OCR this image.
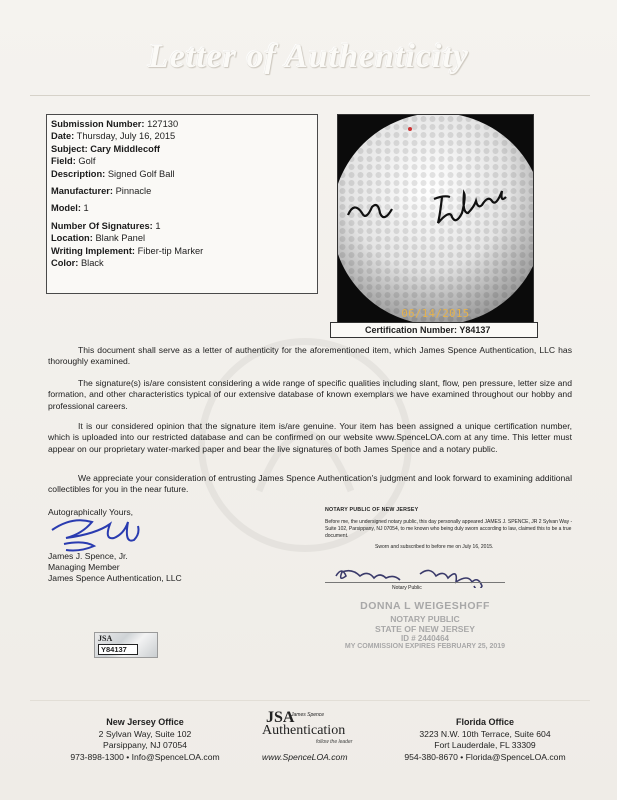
Letter of Authenticity
Submission Number: 127130
Date: Thursday, July 16, 2015
Subject: Cary Middlecoff
Field: Golf
Description: Signed Golf Ball
Manufacturer: Pinnacle
Model: 1
Number Of Signatures: 1
Location: Blank Panel
Writing Implement: Fiber-tip Marker
Color: Black
06/14/2015
Certification Number: Y84137
This document shall serve as a letter of authenticity for the aforementioned item, which James Spence Authentication, LLC has thoroughly examined.
The signature(s) is/are consistent considering a wide range of specific qualities including slant, flow, pen pressure, letter size and formation, and other characteristics typical of our extensive database of known exemplars we have examined throughout our hobby and professional careers.
It is our considered opinion that the signature item is/are genuine. Your item has been assigned a unique certification number, which is uploaded into our restricted database and can be confirmed on our website www.SpenceLOA.com at any time. This letter must appear on our proprietary water-marked paper and bear the live signatures of both James Spence and a notary public.
We appreciate your consideration of entrusting James Spence Authentication's judgment and look forward to examining additional collectibles for you in the near future.
Autographically Yours,
James J. Spence, Jr.
Managing Member
James Spence Authentication, LLC
JSA
Y84137
NOTARY PUBLIC OF NEW JERSEY
Before me, the undersigned notary public, this day personally appeared JAMES J. SPENCE, JR 2 Sylvan Way - Suite 102, Parsippany, NJ 07054, to me known who being duly sworn according to law, claimed this to be a true document.
Sworn and subscribed to before me on July 16, 2015.
Notary Public
DONNA L WEIGESHOFF
NOTARY PUBLIC
STATE OF NEW JERSEY
ID # 2440464
MY COMMISSION EXPIRES FEBRUARY 25, 2019
New Jersey Office
2 Sylvan Way, Suite 102
Parsippany, NJ 07054
973-898-1300 • Info@SpenceLOA.com
JSA
James Spence
Authentication
follow the leader
www.SpenceLOA.com
Florida Office
3223 N.W. 10th Terrace, Suite 604
Fort Lauderdale, FL 33309
954-380-8670 • Florida@SpenceLOA.com
